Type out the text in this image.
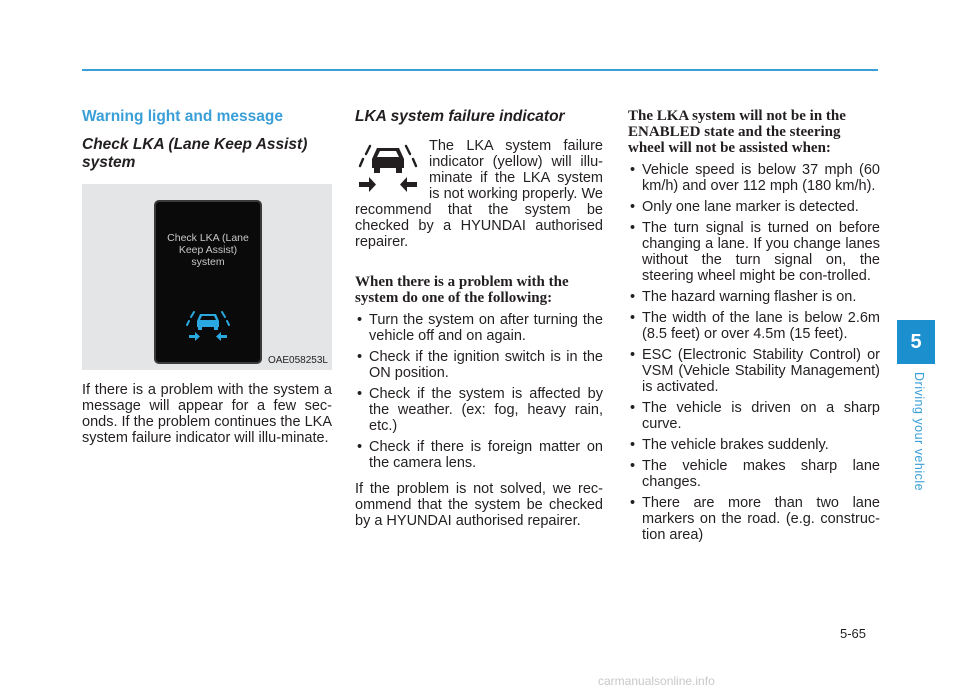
Warning light and message
Check LKA (Lane Keep Assist) system
Check LKA (Lane
Keep Assist)
system
OAE058253L

If there is a problem with the system a message will appear for a few sec-onds. If the problem continues the LKA system failure indicator will illu-minate.

LKA system failure indicator

The LKA system failure indicator (yellow) will illu-minate if the LKA system is not working properly. We recommend that the system be checked by a HYUNDAI authorised repairer.

When there is a problem with the system do one of the following:
• Turn the system on after turning the vehicle off and on again.
• Check if the ignition switch is in the ON position.
• Check if the system is affected by the weather. (ex: fog, heavy rain, etc.)
• Check if there is foreign matter on the camera lens.

If the problem is not solved, we rec-ommend that the system be checked by a HYUNDAI authorised repairer.

The LKA system will not be in the ENABLED state and the steering wheel will not be assisted when:
• Vehicle speed is below 37 mph (60 km/h) and over 112 mph (180 km/h).
• Only one lane marker is detected.
• The turn signal is turned on before changing a lane. If you change lanes without the turn signal on, the steering wheel might be con-trolled.
• The hazard warning flasher is on.
• The width of the lane is below 2.6m (8.5 feet) or over 4.5m (15 feet).
• ESC (Electronic Stability Control) or VSM (Vehicle Stability Management) is activated.
• The vehicle is driven on a sharp curve.
• The vehicle brakes suddenly.
• The vehicle makes sharp lane changes.
• There are more than two lane markers on the road. (e.g. construc-tion area)
5
Driving your vehicle
5-65
carmanualsonline.info
